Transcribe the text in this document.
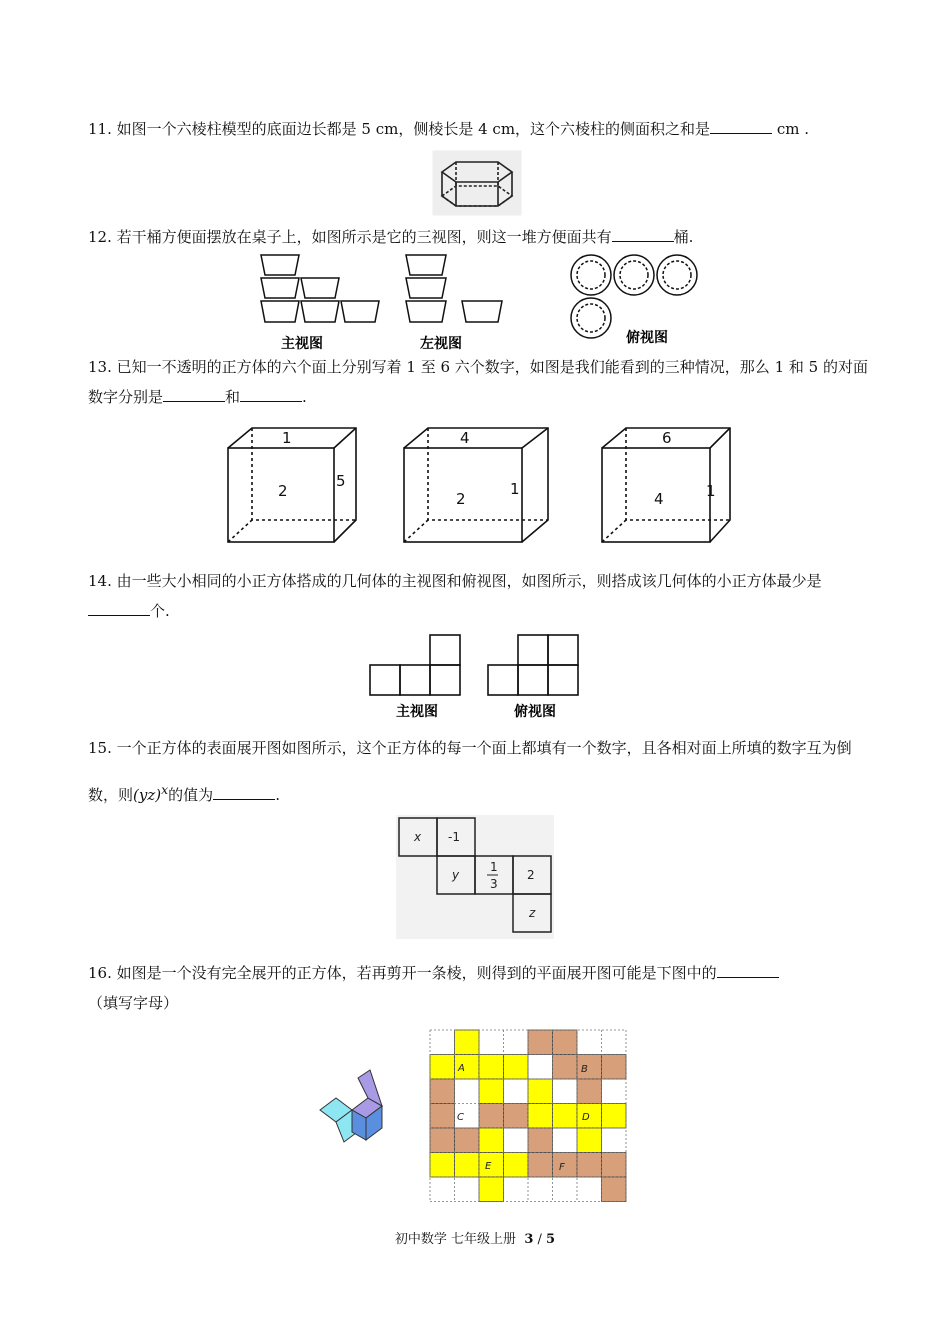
11. 如图一个六棱柱模型的底面边长都是 5 cm，侧棱长是 4 cm，这个六棱柱的侧面积之和是	cm .
12. 若干桶方便面摆放在桌子上，如图所示是它的三视图，则这一堆方便面共有	桶.
主视图	左视图	俯视图
13. 已知一不透明的正方体的六个面上分别写着 1 至 6 六个数字，如图是我们能看到的三种情况，那么 1 和 5 的对面数字分别是	和	.
1
2
5
4
2
1
6
4	1
14. 由一些大小相同的小正方体搭成的几何体的主视图和俯视图，如图所示，则搭成该几何体的小正方体最少是个.
主视图	俯视图
15. 一个正方体的表面展开图如图所示，这个正方体的每一个面上都填有一个数字，且各相对面上所填的数字互为倒数，则(yz)$^x$的值为	.
x -1
y
1
3
2
z
16. 如图是一个没有完全展开的正方体，若再剪开一条棱，则得到的平面展开图可能是下图中的（填写字母）
A	B
C	D
E	F
初中数学 七年级上册 3 / 5
